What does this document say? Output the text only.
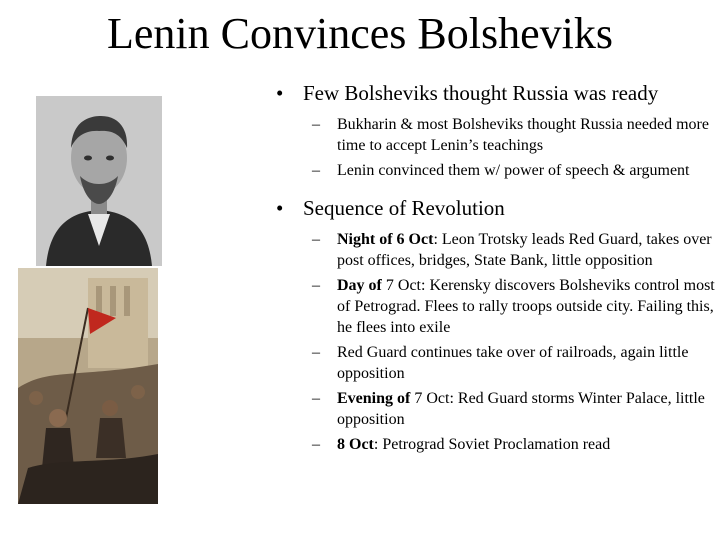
Lenin Convinces Bolsheviks
• Few Bolsheviks thought Russia was ready
– Bukharin & most Bolsheviks thought Russia needed more time to accept Lenin’s teachings
– Lenin convinced them w/ power of speech & argument
• Sequence of Revolution
– Night of 6 Oct: Leon Trotsky leads Red Guard, takes over post offices, bridges, State Bank, little opposition
– Day of 7 Oct: Kerensky discovers Bolsheviks control most of Petrograd. Flees to rally troops outside city. Failing this, he flees into exile
– Red Guard continues take over of railroads, again little opposition
– Evening of 7 Oct: Red Guard storms Winter Palace, little opposition
– 8 Oct: Petrograd Soviet Proclamation read
